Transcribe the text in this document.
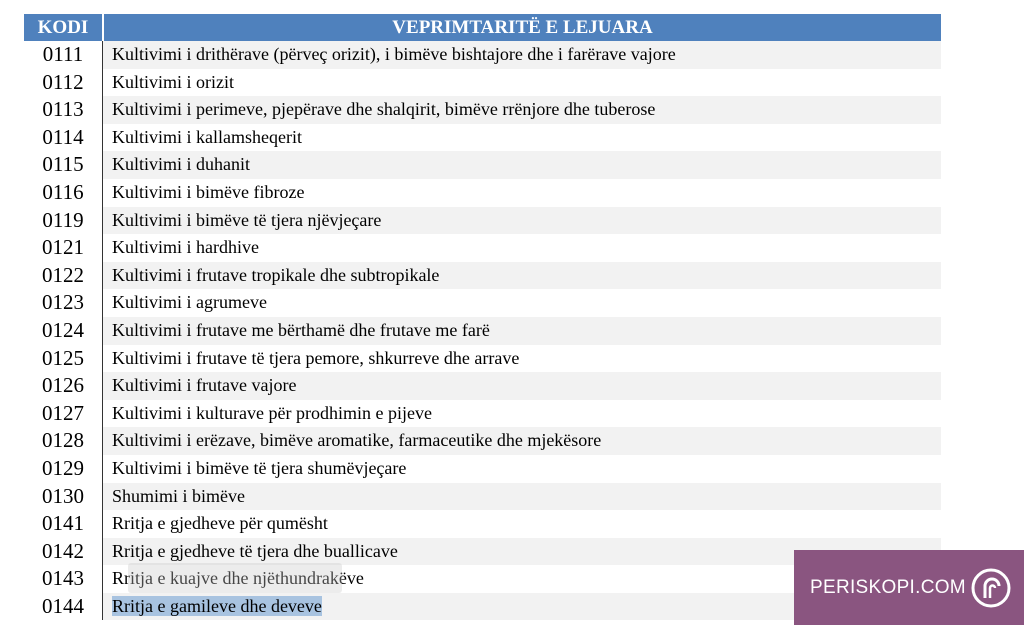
KODI	VEPRIMTARITË E LEJUARA
0111	Kultivimi i drithërave (përveç orizit), i bimëve bishtajore dhe i farërave vajore
0112	Kultivimi i orizit
0113	Kultivimi i perimeve, pjepërave dhe shalqirit, bimëve rrënjore dhe tuberose
0114	Kultivimi i kallamsheqerit
0115	Kultivimi i duhanit
0116	Kultivimi i bimëve fibroze
0119	Kultivimi i bimëve të tjera njëvjeçare
0121	Kultivimi i hardhive
0122	Kultivimi i frutave tropikale dhe subtropikale
0123	Kultivimi i agrumeve
0124	Kultivimi i frutave me bërthamë dhe frutave me farë
0125	Kultivimi i frutave të tjera pemore, shkurreve dhe arrave
0126	Kultivimi i frutave vajore
0127	Kultivimi i kulturave për prodhimin e pijeve
0128	Kultivimi i erëzave, bimëve aromatike, farmaceutike dhe mjekësore
0129	Kultivimi i bimëve të tjera shumëvjeçare
0130	Shumimi i bimëve
0141	Rritja e gjedheve për qumësht
0142	Rritja e gjedheve të tjera dhe buallicave
0143	Rritja e kuajve dhe njëthundrakëve
0144	Rritja e gamileve dhe deveve
PERISKOPI.COM
